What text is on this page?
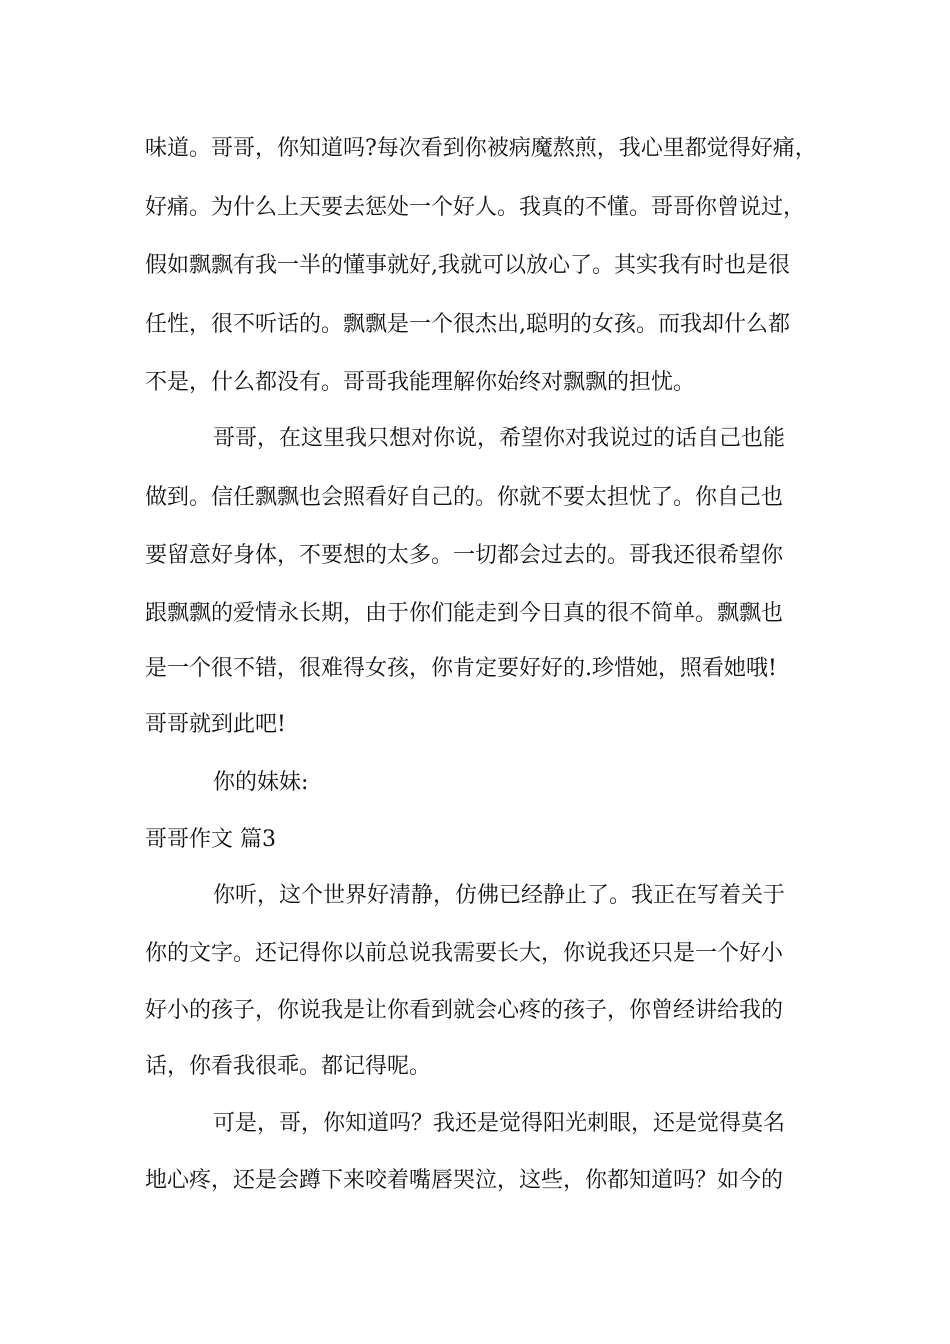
味道。哥哥，你知道吗?每次看到你被病魔熬煎，我心里都觉得好痛，
好痛。为什么上天要去惩处一个好人。我真的不懂。哥哥你曾说过，
假如飘飘有我一半的懂事就好,我就可以放心了。其实我有时也是很
任性，很不听话的。飘飘是一个很杰出,聪明的女孩。而我却什么都
不是，什么都没有。哥哥我能理解你始终对飘飘的担忧。
哥哥，在这里我只想对你说，希望你对我说过的话自己也能
做到。信任飘飘也会照看好自己的。你就不要太担忧了。你自己也
要留意好身体，不要想的太多。一切都会过去的。哥我还很希望你
跟飘飘的爱情永长期，由于你们能走到今日真的很不简单。飘飘也
是一个很不错，很难得女孩，你肯定要好好的.珍惜她，照看她哦!
哥哥就到此吧!
你的妹妹:
哥哥作文 篇3
你听，这个世界好清静，仿佛已经静止了。我正在写着关于
你的文字。还记得你以前总说我需要长大，你说我还只是一个好小
好小的孩子，你说我是让你看到就会心疼的孩子，你曾经讲给我的
话，你看我很乖。都记得呢。
可是，哥，你知道吗？我还是觉得阳光刺眼，还是觉得莫名
地心疼，还是会蹲下来咬着嘴唇哭泣，这些，你都知道吗？如今的
